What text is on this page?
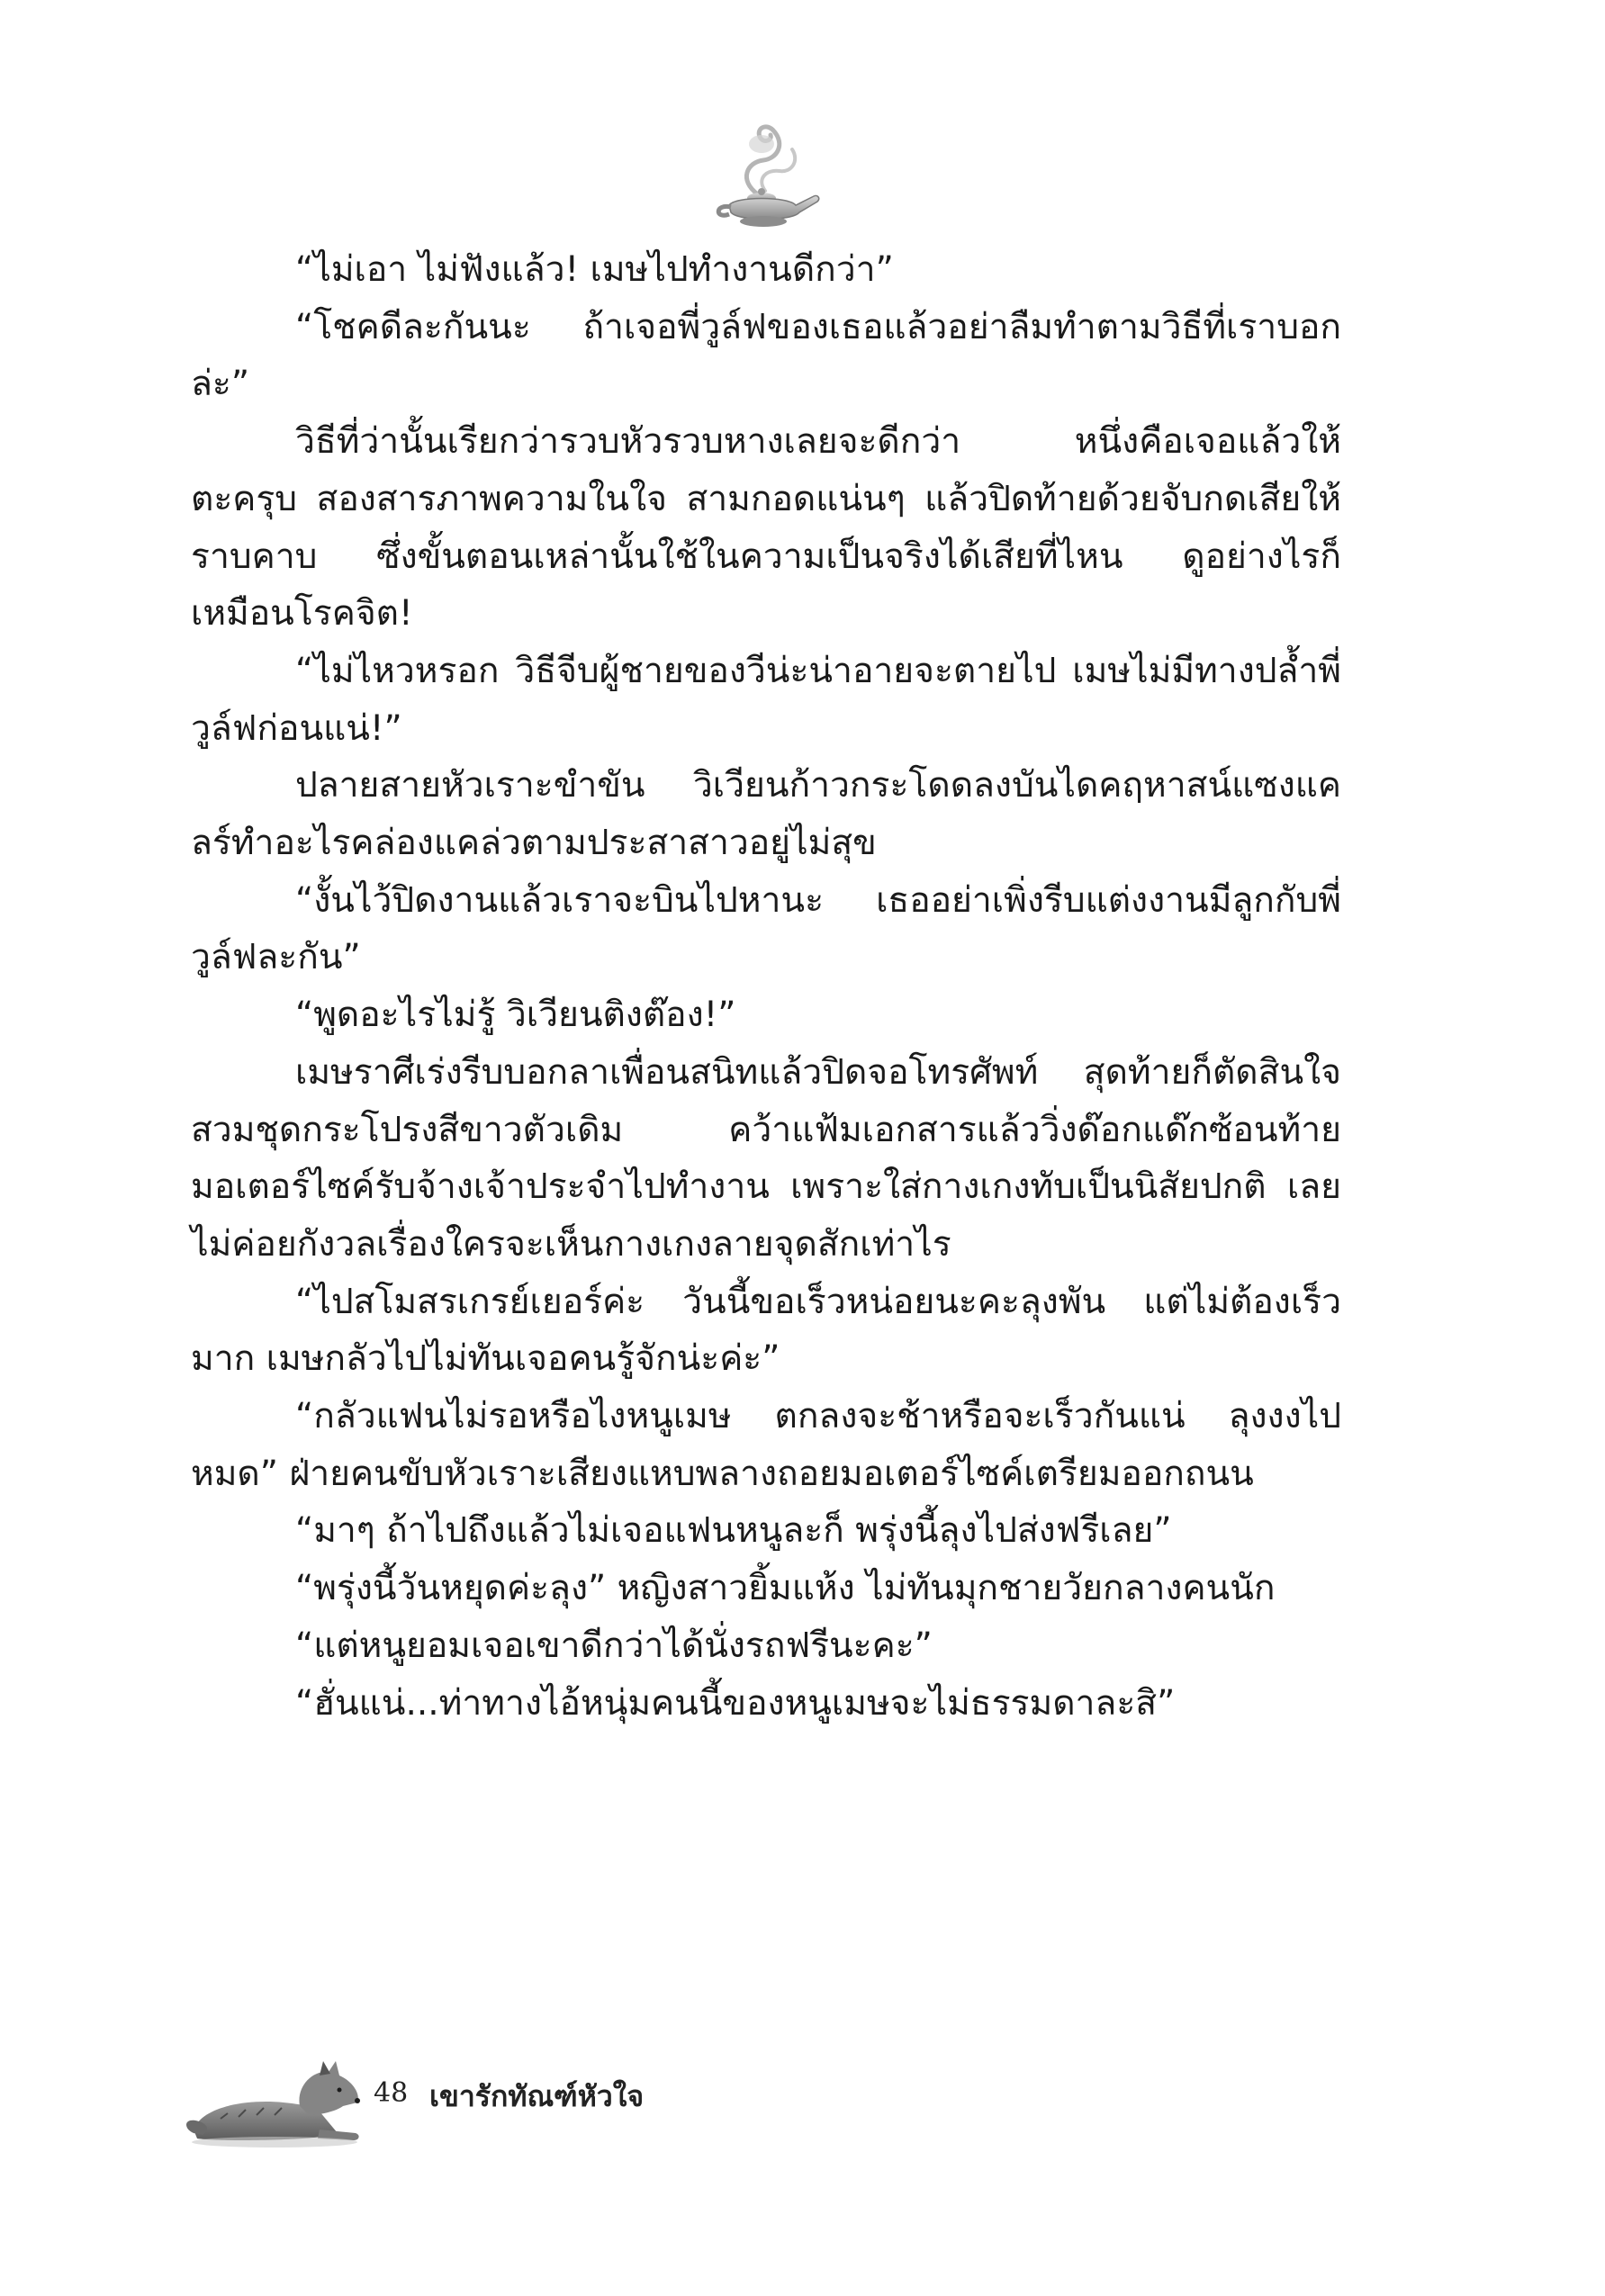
“ไม่เอา ไม่ฟังแล้ว! เมษไปทำงานดีกว่า”

“โชคดีละกันนะ ถ้าเจอพี่วูล์ฟของเธอแล้วอย่าลืมทำตามวิธีที่เราบอกล่ะ”

วิธีที่ว่านั้นเรียกว่ารวบหัวรวบหางเลยจะดีกว่า หนึ่งคือเจอแล้วให้ตะครุบ สองสารภาพความในใจ สามกอดแน่นๆ แล้วปิดท้ายด้วยจับกดเสียให้ราบคาบ ซึ่งขั้นตอนเหล่านั้นใช้ในความเป็นจริงได้เสียที่ไหน ดูอย่างไรก็เหมือนโรคจิต!

“ไม่ไหวหรอก วิธีจีบผู้ชายของวีน่ะน่าอายจะตายไป เมษไม่มีทางปล้ำพี่วูล์ฟก่อนแน่!”

ปลายสายหัวเราะขำขัน วิเวียนก้าวกระโดดลงบันไดคฤหาสน์แซงแคลร์ทำอะไรคล่องแคล่วตามประสาสาวอยู่ไม่สุข

“งั้นไว้ปิดงานแล้วเราจะบินไปหานะ เธออย่าเพิ่งรีบแต่งงานมีลูกกับพี่วูล์ฟละกัน”

“พูดอะไรไม่รู้ วิเวียนติงต๊อง!”

เมษราศีเร่งรีบบอกลาเพื่อนสนิทแล้วปิดจอโทรศัพท์ สุดท้ายก็ตัดสินใจสวมชุดกระโปรงสีขาวตัวเดิม คว้าแฟ้มเอกสารแล้ววิ่งด๊อกแด๊กซ้อนท้ายมอเตอร์ไซค์รับจ้างเจ้าประจำไปทำงาน เพราะใส่กางเกงทับเป็นนิสัยปกติ เลยไม่ค่อยกังวลเรื่องใครจะเห็นกางเกงลายจุดสักเท่าไร

“ไปสโมสรเกรย์เยอร์ค่ะ วันนี้ขอเร็วหน่อยนะคะลุงพัน แต่ไม่ต้องเร็วมาก เมษกลัวไปไม่ทันเจอคนรู้จักน่ะค่ะ”

“กลัวแฟนไม่รอหรือไงหนูเมษ ตกลงจะช้าหรือจะเร็วกันแน่ ลุงงงไปหมด” ฝ่ายคนขับหัวเราะเสียงแหบพลางถอยมอเตอร์ไซค์เตรียมออกถนน

“มาๆ ถ้าไปถึงแล้วไม่เจอแฟนหนูละก็ พรุ่งนี้ลุงไปส่งฟรีเลย”

“พรุ่งนี้วันหยุดค่ะลุง” หญิงสาวยิ้มแห้ง ไม่ทันมุกชายวัยกลางคนนัก

“แต่หนูยอมเจอเขาดีกว่าได้นั่งรถฟรีนะคะ”

“ฮั่นแน่...ท่าทางไอ้หนุ่มคนนี้ของหนูเมษจะไม่ธรรมดาละสิ”

48 เขารักทัณฑ์หัวใจ
